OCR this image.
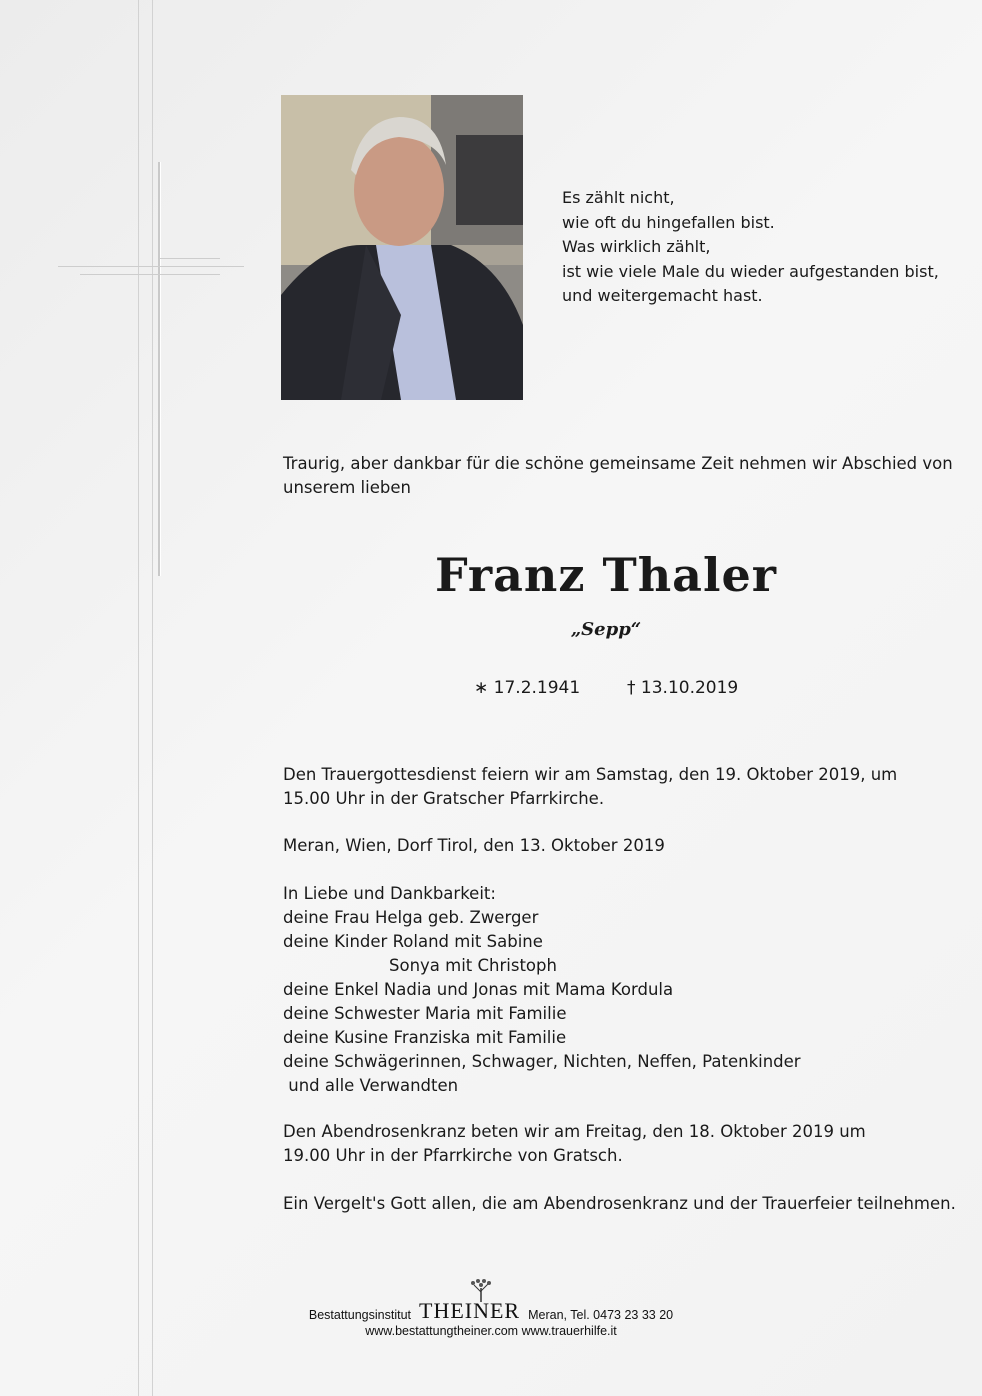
Es zählt nicht,
wie oft du hingefallen bist.
Was wirklich zählt,
ist wie viele Male du wieder aufgestanden bist,
und weitergemacht hast.
Traurig, aber dankbar für die schöne gemeinsame Zeit nehmen wir Abschied von
unserem lieben
Franz Thaler
„Sepp“
∗ 17.2.1941	† 13.10.2019
Den Trauergottesdienst feiern wir am Samstag, den 19. Oktober 2019, um
15.00 Uhr in der Gratscher Pfarrkirche.
Meran, Wien, Dorf Tirol, den 13. Oktober 2019
In Liebe und Dankbarkeit:
deine Frau Helga geb. Zwerger
deine Kinder Roland mit Sabine
Sonya mit Christoph
deine Enkel Nadia und Jonas mit Mama Kordula
deine Schwester Maria mit Familie
deine Kusine Franziska mit Familie
deine Schwägerinnen, Schwager, Nichten, Neffen, Patenkinder
und alle Verwandten
Den Abendrosenkranz beten wir am Freitag, den 18. Oktober 2019 um
19.00 Uhr in der Pfarrkirche von Gratsch.
Ein Vergelt's Gott allen, die am Abendrosenkranz und der Trauerfeier teilnehmen.
Bestattungsinstitut THEINER Meran, Tel. 0473 23 33 20
www.bestattungtheiner.com www.trauerhilfe.it
